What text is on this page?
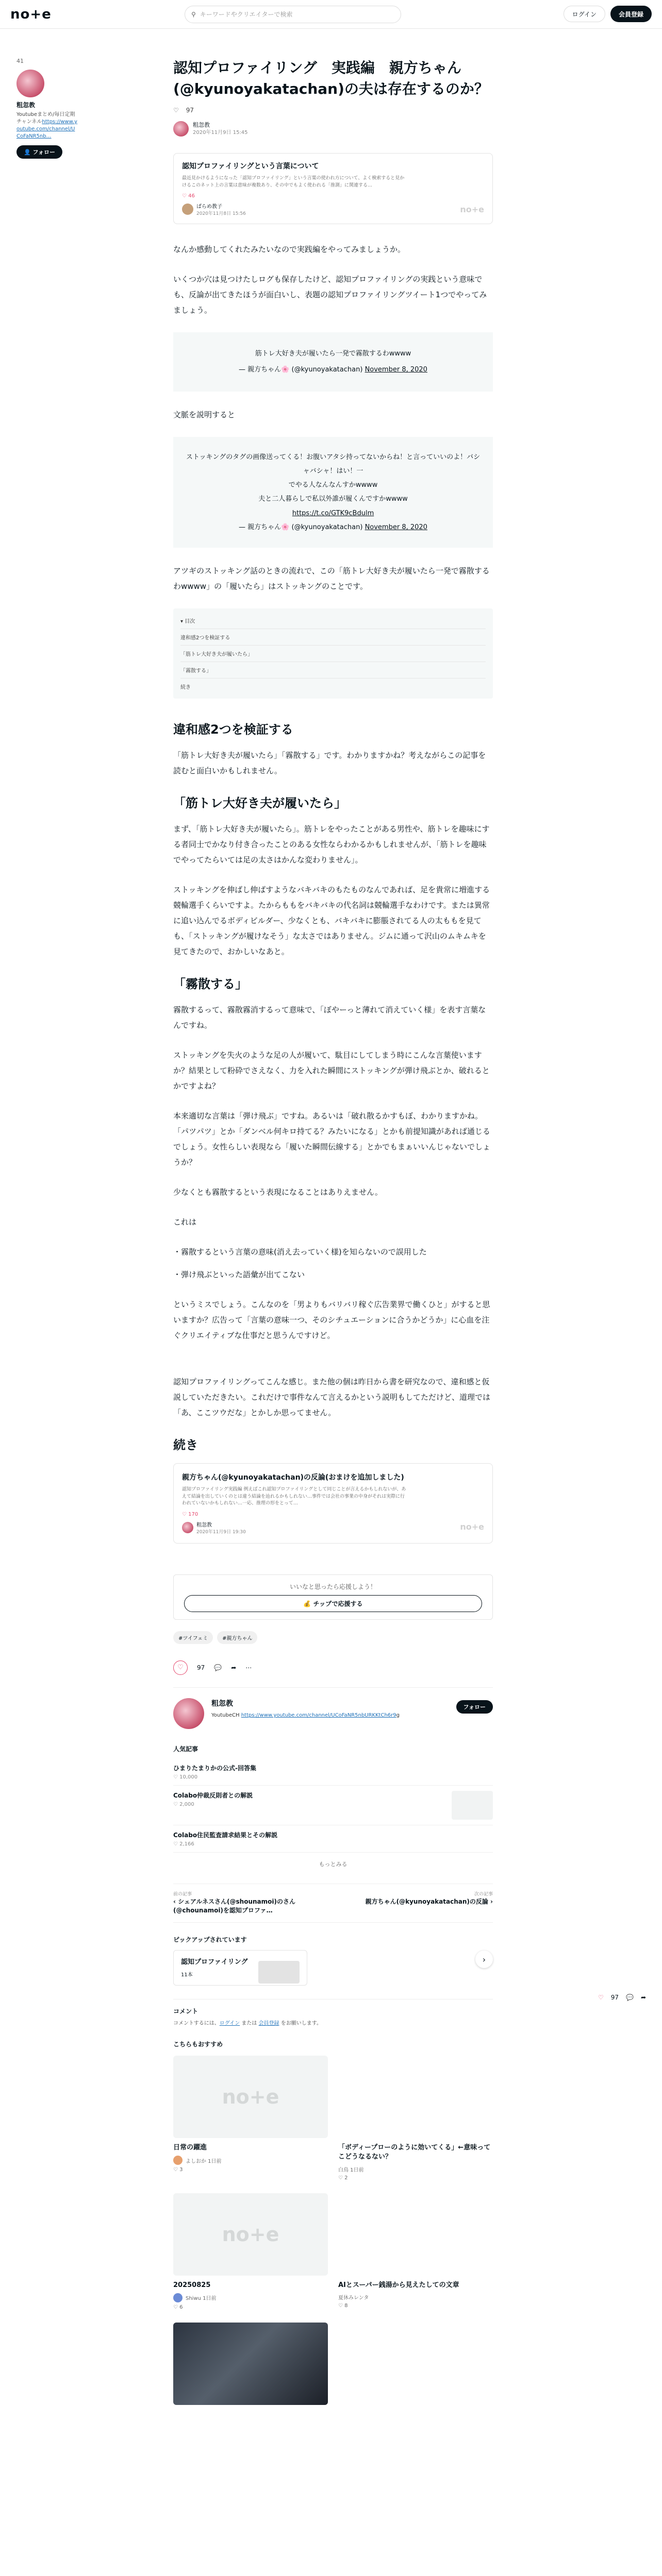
no+e	⚲ キーワードやクリエイターで検索	ログイン	会員登録
41
粗忽教
Youtubeまとめ/毎日定期チャンネルhttps://www.youtube.com/channel/UCoFaNR5nb…
👤 フォロー
認知プロファイリング　実践編　親方ちゃん(@kyunoyakatachan)の夫は存在するのか？
♡ 97
粗忽教
2020年11月9日 15:45
認知プロファイリングという言葉について

最近見かけるようになった「認知プロファイリング」という言葉の使われ方について、よく検索すると見かけるこのネット上の言葉は意味が複数あり、その中でもよく使われる「推測」に関連する…

♡ 46
ぱらめ教子
2020年11月8日 15:56	no+e

なんか感動してくれたみたいなので実践編をやってみましょうか。

いくつか穴は見つけたしログも保存したけど、認知プロファイリングの実践という意味でも、反論が出てきたほうが面白いし、表題の認知プロファイリングツイート1つでやってみましょう。

筋トレ大好き夫が履いたら一発で霧散するわwwww
— 親方ちゃん🌸 (@kyunoyakatachan) November 8, 2020

文脈を説明すると

ストッキングのタグの画像送ってくる！お腹いアタシ持ってないからね！と言っていいのよ！バシャバシャ！はい！一
でやる人なんなんすかwwww
夫と二人暮らしで私以外誰が履くんですかwwww
https://t.co/GTK9cBdulm
— 親方ちゃん🌸 (@kyunoyakatachan) November 8, 2020

アツギのストッキング話のときの流れで、この「筋トレ大好き夫が履いたら一発で霧散するわwwww」の「履いたら」はストッキングのことです。

▾ 目次
違和感2つを検証する
「筋トレ大好き夫が履いたら」
「霧散する」
続き
違和感2つを検証する

「筋トレ大好き夫が履いたら」「霧散する」です。わかりますかね？考えながらこの記事を読むと面白いかもしれません。

「筋トレ大好き夫が履いたら」

まず、「筋トレ大好き夫が履いたら」。筋トレをやったことがある男性や、筋トレを趣味にする者同士でかなり付き合ったことのある女性ならわかるかもしれませんが、「筋トレを趣味でやってたらいては足の太さはかんな変わりません」。

ストッキングを伸ばし伸ばすようなバキバキのもたものなんであれば、足を貴常に増進する競輪選手くらいですよ。たからももをバキバキの代名詞は競輪選手なわけです。または異常に追い込んでるボディビルダー、少なくとも、バキバキに膨脹されてる人の太ももを見ても、「ストッキングが履けなそう」な太さではありません。ジムに通って沢山のムキムキを見てきたので、おかしいなあと。

「霧散する」

霧散するって、霧散霧消するって意味で、「ぼやーっと薄れて消えていく様」を表す言葉なんですね。

ストッキングを失火のような足の人が履いて、駄目にしてしまう時にこんな言葉使いますか？結果として粉砕でさえなく、力を入れた瞬間にストッキングが弾け飛ぶとか、破れるとかですよね？

本来適切な言葉は「弾け飛ぶ」ですね。あるいは「破れ散るかすもぼ、わかりますかね。「パツパツ」とか「ダンベル何キロ持てる？みたいになる」とかも前提知識があれば通じるでしょう。女性らしい表現なら「履いた瞬間伝線する」とかでもまぁいいんじゃないでしょうか？

少なくとも霧散するという表現になることはありえません。

これは

・霧散するという言葉の意味(消え去っていく様)を知らないので誤用した

・弾け飛ぶといった語彙が出てこない

というミスでしょう。こんなのを「男よりもバリバリ稼ぐ広告業界で働くひと」がすると思いますか？広告って「言葉の意味一つ、そのシチュエーションに合うかどうか」に心血を注ぐクリエイティブな仕事だと思うんですけど。

認知プロファイリングってこんな感じ。また他の個は昨日から書を研究なので、違和感と仮説していただきたい。これだけで事件なんて言えるかという説明もしてただけど、道理では「あ、ここツウだな」とかしか思ってません。

続き
親方ちゃん(@kyunoyakatachan)の反論(おまけを追加しました)

認知プロファイリング実践編 例えばこれ認知プロファイリングとして同じことが言えるかもしれないが、あえて結論を出していくのとは違う結論を辿れるかもしれない…事件では会社の事業の中身がそれは実際に行われていないかもしれない…一応、推理の形をとって…

♡ 170
粗忽教
2020年11月9日 19:30
no+e
いいなと思ったら応援しよう！
💰 チップで応援する
#ツイフェミ	#親方ちゃん
♡	97 💬 ➦ ⋯
粗忽教
YoutubeCH https://www.youtube.com/channel/UCoFaNR5nbURKKtCh6r9g
フォロー
人気記事
ひまりたまりかの公式-回答集
♡ 10,000
Colabo仲裁反則者との解説
♡ 2,000
Colabo住民監査請求結果とその解説
♡ 2,166
もっとみる
前の記事
‹ シェアルネスさん(@shounamoi)のさん(@chounamoi)を認知プロファ…
次の記事
親方ちゃん(@kyunoyakatachan)の反論 ›
ピックアップされています
認知プロファイリング
11本
›
コメント
コメントするには、ログイン または 会員登録 をお願いします。
こちらもおすすめ
no+e
日常の躍進
よしおか 1日前
♡ 3
「ボディープローのように効いてくる」←意味ってこどうなるない？
白鳥 1日前
♡ 2
no+e
20250825
Shiwu 1日前
♡ 6
AIとスーパー銭湯から見えたしての文章
夏休みレンタ
♡ 8
♡ 97 💬 ➦
